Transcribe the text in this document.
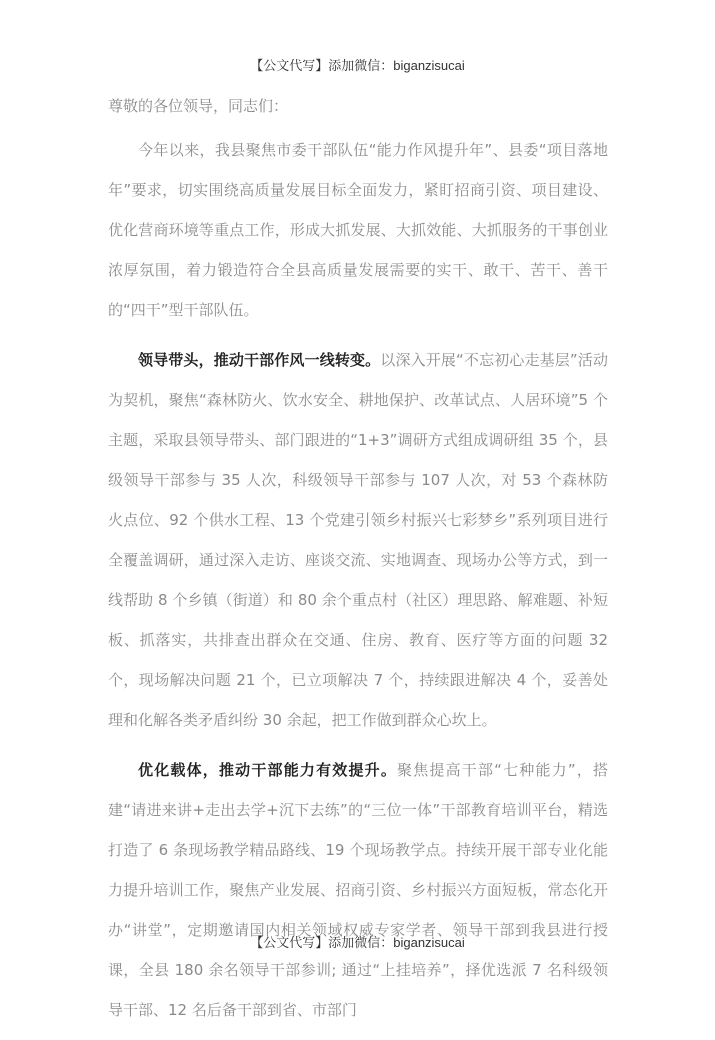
【公文代写】添加微信：biganzisucai

尊敬的各位领导，同志们：

今年以来，我县聚焦市委干部队伍“能力作风提升年”、县委“项目落地年”要求，切实围绕高质量发展目标全面发力，紧盯招商引资、项目建设、优化营商环境等重点工作，形成大抓发展、大抓效能、大抓服务的干事创业浓厚氛围，着力锻造符合全县高质量发展需要的实干、敢干、苦干、善干的“四干”型干部队伍。

领导带头，推动干部作风一线转变。以深入开展“不忘初心走基层”活动为契机，聚焦“森林防火、饮水安全、耕地保护、改革试点、人居环境”5 个主题，采取县领导带头、部门跟进的“1+3”调研方式组成调研组 35 个，县级领导干部参与 35 人次，科级领导干部参与 107 人次，对 53 个森林防火点位、92 个供水工程、13 个党建引领乡村振兴七彩梦乡”系列项目进行全覆盖调研，通过深入走访、座谈交流、实地调查、现场办公等方式，到一线帮助 8 个乡镇（街道）和 80 余个重点村（社区）理思路、解难题、补短板、抓落实，共排查出群众在交通、住房、教育、医疗等方面的问题 32 个，现场解决问题 21 个，已立项解决 7 个，持续跟进解决 4 个，妥善处理和化解各类矛盾纠纷 30 余起，把工作做到群众心坎上。

优化载体，推动干部能力有效提升。聚焦提高干部“七种能力”，搭建“请进来讲+走出去学+沉下去练”的“三位一体”干部教育培训平台，精选打造了 6 条现场教学精品路线、19 个现场教学点。持续开展干部专业化能力提升培训工作，聚焦产业发展、招商引资、乡村振兴方面短板，常态化开办“讲堂”，定期邀请国内相关领域权威专家学者、领导干部到我县进行授课，全县 180 余名领导干部参训; 通过“上挂培养”，择优选派 7 名科级领导干部、12 名后备干部到省、市部门

【公文代写】添加微信：biganzisucai
